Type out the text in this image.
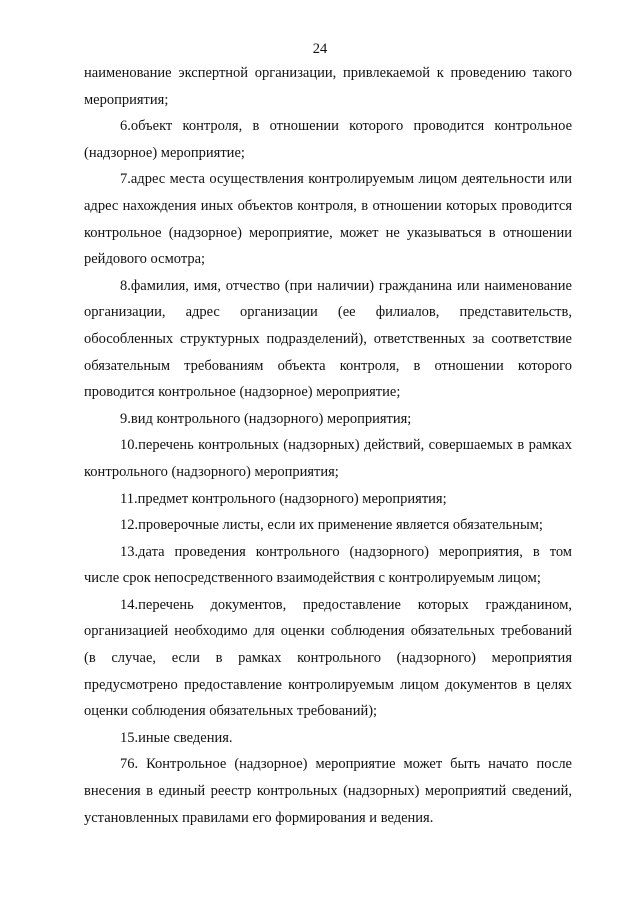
24

наименование экспертной организации, привлекаемой к проведению такого мероприятия;

6.объект контроля, в отношении которого проводится контрольное (надзорное) мероприятие;

7.адрес места осуществления контролируемым лицом деятельности или адрес нахождения иных объектов контроля, в отношении которых проводится контрольное (надзорное) мероприятие, может не указываться в отношении рейдового осмотра;

8.фамилия, имя, отчество (при наличии) гражданина или наименование организации, адрес организации (ее филиалов, представительств, обособленных структурных подразделений), ответственных за соответствие обязательным требованиям объекта контроля, в отношении которого проводится контрольное (надзорное) мероприятие;

9.вид контрольного (надзорного) мероприятия;

10.перечень контрольных (надзорных) действий, совершаемых в рамках контрольного (надзорного) мероприятия;

11.предмет контрольного (надзорного) мероприятия;

12.проверочные листы, если их применение является обязательным;

13.дата проведения контрольного (надзорного) мероприятия, в том числе срок непосредственного взаимодействия с контролируемым лицом;

14.перечень документов, предоставление которых гражданином, организацией необходимо для оценки соблюдения обязательных требований (в случае, если в рамках контрольного (надзорного) мероприятия предусмотрено предоставление контролируемым лицом документов в целях оценки соблюдения обязательных требований);

15.иные сведения.

76. Контрольное (надзорное) мероприятие может быть начато после внесения в единый реестр контрольных (надзорных) мероприятий сведений, установленных правилами его формирования и ведения.
